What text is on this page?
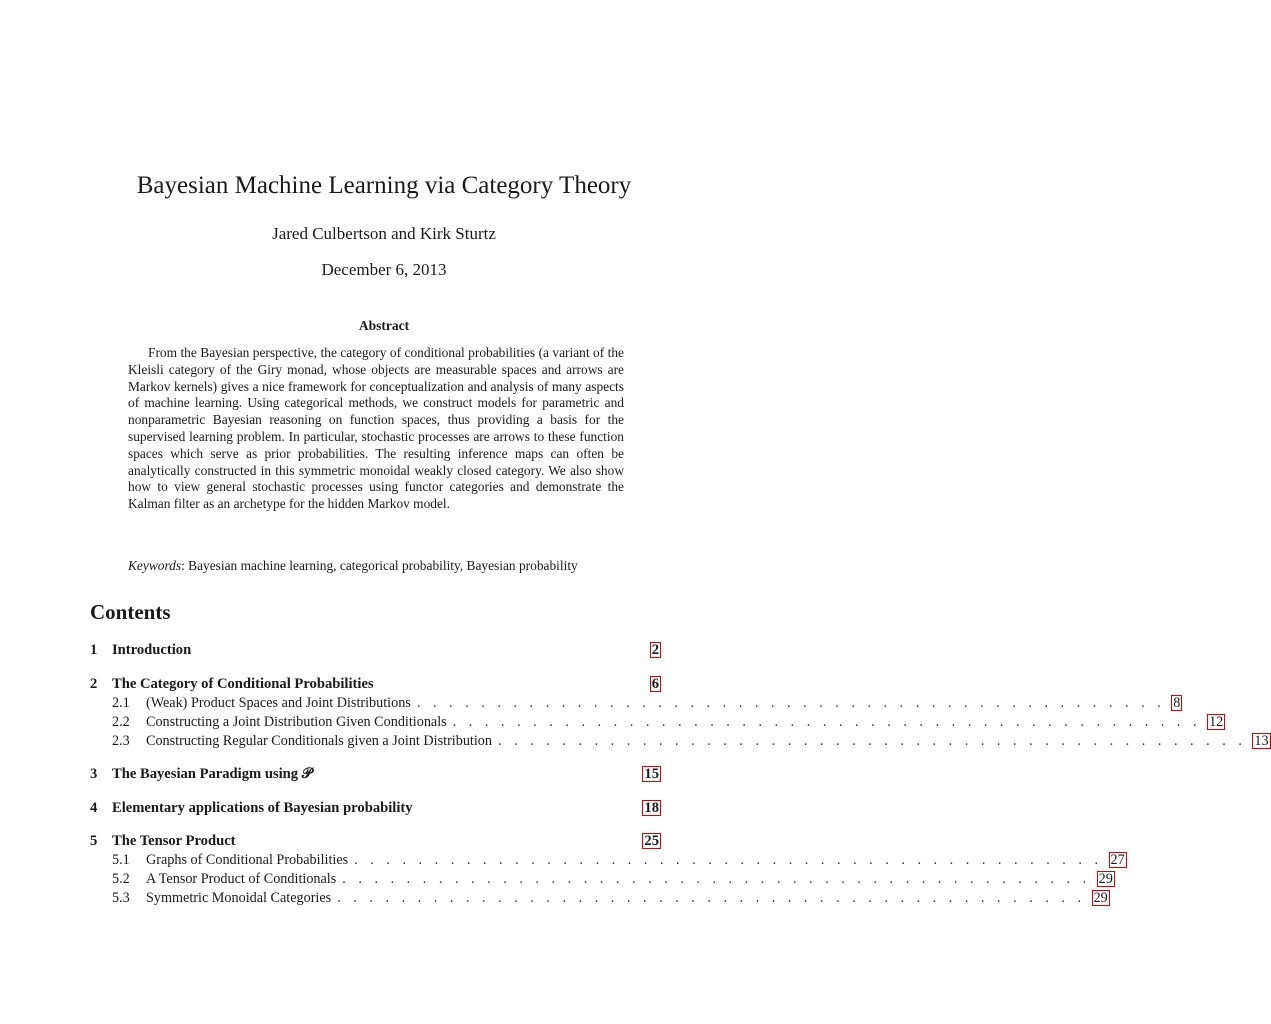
Bayesian Machine Learning via Category Theory
Jared Culbertson and Kirk Sturtz
December 6, 2013
Abstract
From the Bayesian perspective, the category of conditional probabilities (a variant of the Kleisli category of the Giry monad, whose objects are measurable spaces and arrows are Markov kernels) gives a nice framework for conceptualization and analysis of many aspects of machine learning. Using categorical methods, we construct models for parametric and nonparametric Bayesian reasoning on function spaces, thus providing a basis for the supervised learning problem. In particular, stochastic processes are arrows to these function spaces which serve as prior probabilities. The resulting inference maps can often be analytically constructed in this symmetric monoidal weakly closed category. We also show how to view general stochastic processes using functor categories and demonstrate the Kalman filter as an archetype for the hidden Markov model.
Keywords: Bayesian machine learning, categorical probability, Bayesian probability
Contents
1	Introduction	2
2	The Category of Conditional Probabilities	6
2.1	(Weak) Product Spaces and Joint Distributions . . . . . . . . . . . . . . . . . . . . . . . . . . . . . . . . . . . . . . . . . . . . . . . 8
2.2	Constructing a Joint Distribution Given Conditionals . . . . . . . . . . . . . . . . . . . . . . . . . . . . . . . . . . . . . . . . . . . . . . . 12
2.3	Constructing Regular Conditionals given a Joint Distribution . . . . . . . . . . . . . . . . . . . . . . . . . . . . . . . . . . . . . . . . . . . . . . . 13
3	The Bayesian Paradigm using 𝒫	15
4	Elementary applications of Bayesian probability	18
5	The Tensor Product	25
5.1	Graphs of Conditional Probabilities . . . . . . . . . . . . . . . . . . . . . . . . . . . . . . . . . . . . . . . . . . . . . . . 27
5.2	A Tensor Product of Conditionals . . . . . . . . . . . . . . . . . . . . . . . . . . . . . . . . . . . . . . . . . . . . . . . 29
5.3	Symmetric Monoidal Categories . . . . . . . . . . . . . . . . . . . . . . . . . . . . . . . . . . . . . . . . . . . . . . . 29
